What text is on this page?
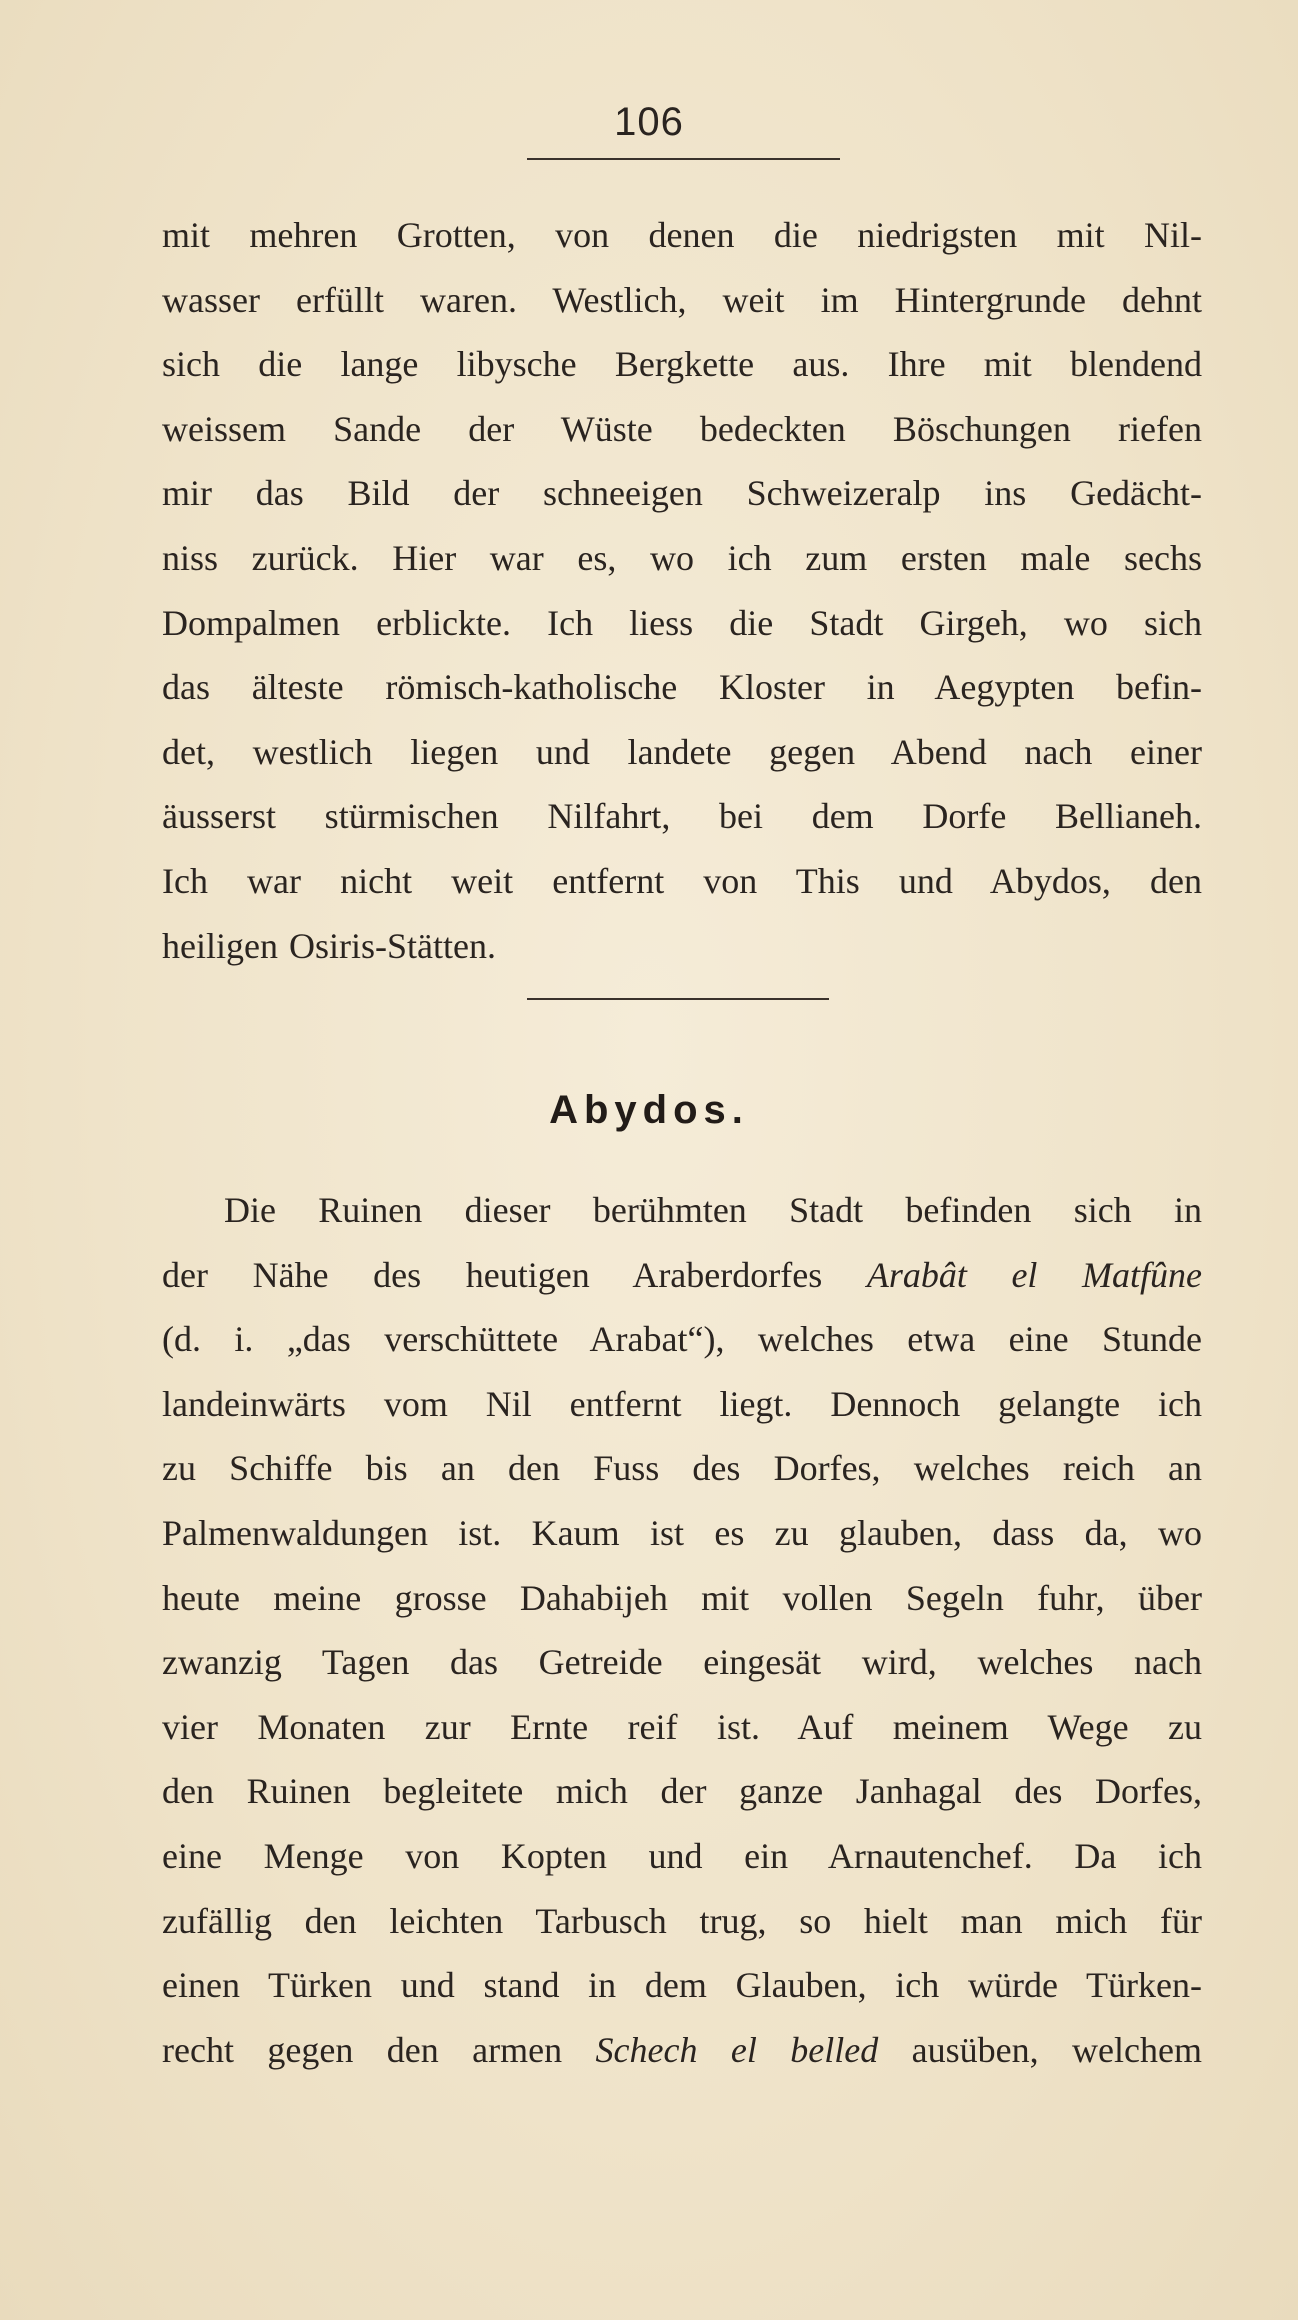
106
mit mehren Grotten, von denen die niedrigsten mit Nil-
wasser erfüllt waren. Westlich, weit im Hintergrunde dehnt
sich die lange libysche Bergkette aus. Ihre mit blendend
weissem Sande der Wüste bedeckten Böschungen riefen
mir das Bild der schneeigen Schweizeralp ins Gedächt-
niss zurück. Hier war es, wo ich zum ersten male sechs
Dompalmen erblickte. Ich liess die Stadt Girgeh, wo sich
das älteste römisch-katholische Kloster in Aegypten befin-
det, westlich liegen und landete gegen Abend nach einer
äusserst stürmischen Nilfahrt, bei dem Dorfe Bellianeh.
Ich war nicht weit entfernt von This und Abydos, den
heiligen Osiris-Stätten.
Abydos.
Die Ruinen dieser berühmten Stadt befinden sich in
der Nähe des heutigen Araberdorfes Arabât el Matfûne
(d. i. „das verschüttete Arabat“), welches etwa eine Stunde
landeinwärts vom Nil entfernt liegt. Dennoch gelangte ich
zu Schiffe bis an den Fuss des Dorfes, welches reich an
Palmenwaldungen ist. Kaum ist es zu glauben, dass da, wo
heute meine grosse Dahabijeh mit vollen Segeln fuhr, über
zwanzig Tagen das Getreide eingesät wird, welches nach
vier Monaten zur Ernte reif ist. Auf meinem Wege zu
den Ruinen begleitete mich der ganze Janhagal des Dorfes,
eine Menge von Kopten und ein Arnautenchef. Da ich
zufällig den leichten Tarbusch trug, so hielt man mich für
einen Türken und stand in dem Glauben, ich würde Türken-
recht gegen den armen Schech el belled ausüben, welchem
